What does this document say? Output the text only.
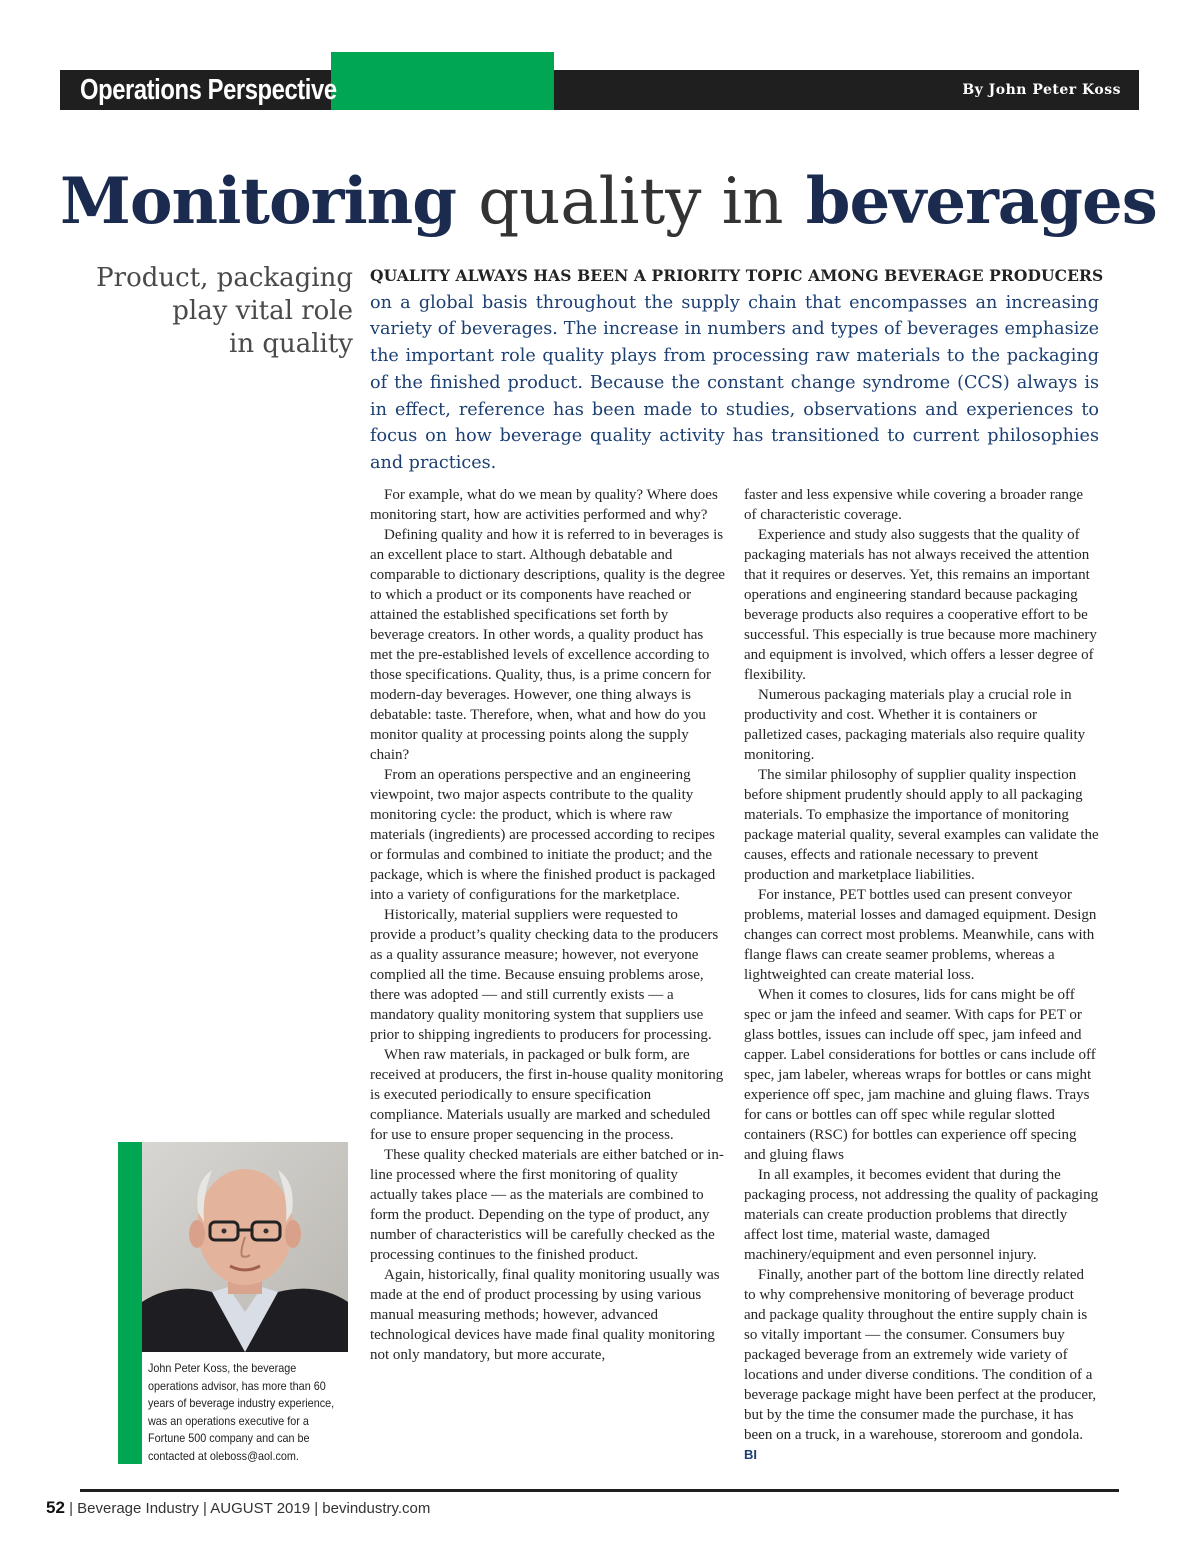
Operations Perspective	By John Peter Koss
Monitoring quality in beverages
Product, packaging
play vital role
in quality
QUALITY ALWAYS HAS BEEN A PRIORITY TOPIC AMONG BEVERAGE PRODUCERS
on a global basis throughout the supply chain that encompasses an increasing variety of beverages. The increase in numbers and types of beverages emphasize the important role quality plays from processing raw materials to the packaging of the finished product. Because the constant change syndrome (CCS) always is in effect, reference has been made to studies, observations and experiences to focus on how beverage quality activity has transitioned to current philosophies and practices.

For example, what do we mean by quality? Where does monitoring start, how are activities performed and why?

Defining quality and how it is referred to in beverages is an excellent place to start. Although debatable and comparable to dictionary descriptions, quality is the degree to which a product or its components have reached or attained the established specifications set forth by beverage creators. In other words, a quality product has met the pre-established levels of excellence according to those specifications. Quality, thus, is a prime concern for modern-day beverages. However, one thing always is debatable: taste. Therefore, when, what and how do you monitor quality at processing points along the supply chain?

From an operations perspective and an engineering viewpoint, two major aspects contribute to the quality monitoring cycle: the product, which is where raw materials (ingredients) are processed according to recipes or formulas and combined to initiate the product; and the package, which is where the finished product is packaged into a variety of configurations for the marketplace.

Historically, material suppliers were requested to provide a product’s quality checking data to the producers as a quality assurance measure; however, not everyone complied all the time. Because ensuing problems arose, there was adopted — and still currently exists — a mandatory quality monitoring system that suppliers use prior to shipping ingredients to producers for processing.

When raw materials, in packaged or bulk form, are received at producers, the first in-house quality monitoring is executed periodically to ensure specification compliance. Materials usually are marked and scheduled for use to ensure proper sequencing in the process.

These quality checked materials are either batched or in-line processed where the first monitoring of quality actually takes place — as the materials are combined to form the product. Depending on the type of product, any number of characteristics will be carefully checked as the processing continues to the finished product.

Again, historically, final quality monitoring usually was made at the end of product processing by using various manual measuring methods; however, advanced technological devices have made final quality monitoring not only mandatory, but more accurate,

faster and less expensive while covering a broader range of characteristic coverage.

Experience and study also suggests that the quality of packaging materials has not always received the attention that it requires or deserves. Yet, this remains an important operations and engineering standard because packaging beverage products also requires a cooperative effort to be successful. This especially is true because more machinery and equipment is involved, which offers a lesser degree of flexibility.

Numerous packaging materials play a crucial role in productivity and cost. Whether it is containers or palletized cases, packaging materials also require quality monitoring.

The similar philosophy of supplier quality inspection before shipment prudently should apply to all packaging materials. To emphasize the importance of monitoring package material quality, several examples can validate the causes, effects and rationale necessary to prevent production and marketplace liabilities.

For instance, PET bottles used can present conveyor problems, material losses and damaged equipment. Design changes can correct most problems. Meanwhile, cans with flange flaws can create seamer problems, whereas a lightweighted can create material loss.

When it comes to closures, lids for cans might be off spec or jam the infeed and seamer. With caps for PET or glass bottles, issues can include off spec, jam infeed and capper. Label considerations for bottles or cans include off spec, jam labeler, whereas wraps for bottles or cans might experience off spec, jam machine and gluing flaws. Trays for cans or bottles can off spec while regular slotted containers (RSC) for bottles can experience off specing and gluing flaws

In all examples, it becomes evident that during the packaging process, not addressing the quality of packaging materials can create production problems that directly affect lost time, material waste, damaged machinery/equipment and even personnel injury.

Finally, another part of the bottom line directly related to why comprehensive monitoring of beverage product and package quality throughout the entire supply chain is so vitally important — the consumer. Consumers buy packaged beverage from an extremely wide variety of locations and under diverse conditions. The condition of a beverage package might have been perfect at the producer, but by the time the consumer made the purchase, it has been on a truck, in a warehouse, storeroom and gondola. BI

John Peter Koss, the beverage operations advisor, has more than 60 years of beverage industry experience, was an operations executive for a Fortune 500 company and can be contacted at oleboss@aol.com.
52 | Beverage Industry | AUGUST 2019 | bevindustry.com
